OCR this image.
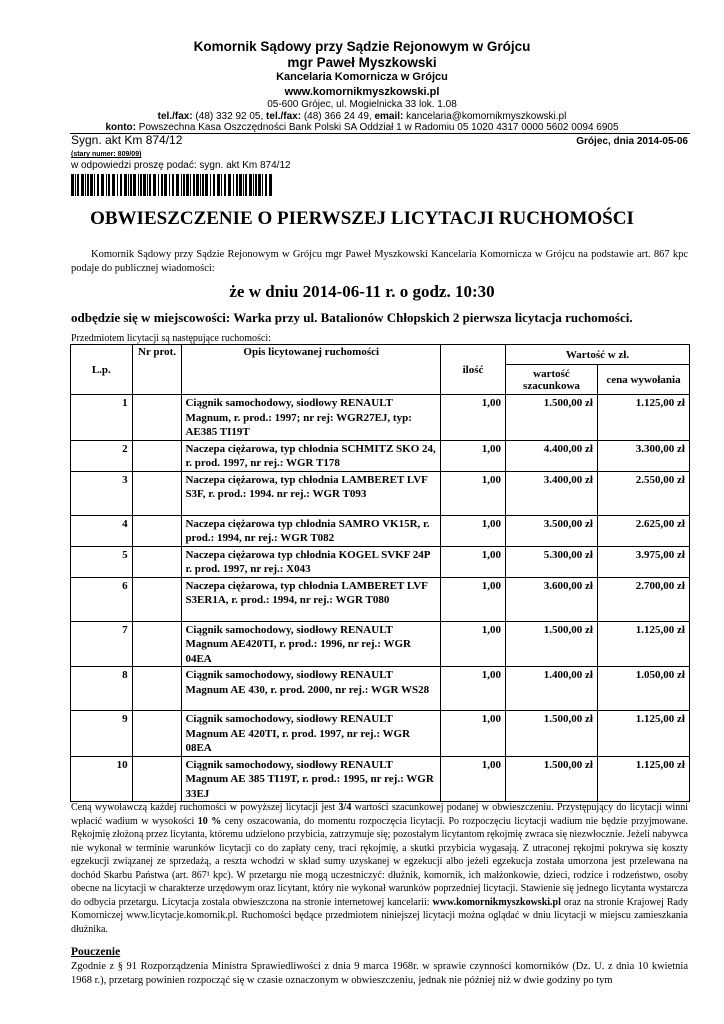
Komornik Sądowy przy Sądzie Rejonowym w Grójcu
mgr Paweł Myszkowski
Kancelaria Komornicza w Grójcu
www.komornikmyszkowski.pl
05-600 Grójec, ul. Mogielnicka 33 lok. 1.08
tel./fax: (48) 332 92 05, tel./fax: (48) 366 24 49, email: kancelaria@komornikmyszkowski.pl
konto: Powszechna Kasa Oszczędności Bank Polski SA Oddział 1 w Radomiu 05 1020 4317 0000 5602 0094 6905
Sygn. akt Km 874/12	Grójec, dnia 2014-05-06
(stary numer: 809/09)
w odpowiedzi proszę podać: sygn. akt Km 874/12
OBWIESZCZENIE O PIERWSZEJ LICYTACJI RUCHOMOŚCI
Komornik Sądowy przy Sądzie Rejonowym w Grójcu mgr Paweł Myszkowski Kancelaria Komornicza w Grójcu na podstawie art. 867 kpc podaje do publicznej wiadomości:
że w dniu 2014-06-11 r. o godz. 10:30
odbędzie się w miejscowości: Warka przy ul. Batalionów Chłopskich 2 pierwsza licytacja ruchomości.
Przedmiotem licytacji są następujące ruchomości:
L.p.	Nr prot.	Opis licytowanej ruchomości	ilość	Wartość w zł.	
				wartość szacunkowa	cena wywołania
1		Ciągnik samochodowy, siodłowy RENAULT Magnum, r. prod.: 1997; nr rej: WGR27EJ, typ: AE385 TI19T	1,00	1.500,00 zł	1.125,00 zł
2		Naczepa ciężarowa, typ chłodnia SCHMITZ SKO 24, r. prod. 1997, nr rej.: WGR T178	1,00	4.400,00 zł	3.300,00 zł
3		Naczepa ciężarowa, typ chłodnia LAMBERET LVF S3F, r. prod.: 1994. nr rej.: WGR T093	1,00	3.400,00 zł	2.550,00 zł
4		Naczepa ciężarowa typ chłodnia SAMRO VK15R, r. prod.: 1994, nr rej.: WGR T082	1,00	3.500,00 zł	2.625,00 zł
5		Naczepa ciężarowa typ chłodnia KOGEL SVKF 24P r. prod. 1997, nr rej.: X043	1,00	5.300,00 zł	3.975,00 zł
6		Naczepa ciężarowa, typ chłodnia LAMBERET LVF S3ER1A, r. prod.: 1994, nr rej.: WGR T080	1,00	3.600,00 zł	2.700,00 zł
7		Ciągnik samochodowy, siodłowy RENAULT Magnum AE420TI, r. prod.: 1996, nr rej.: WGR 04EA	1,00	1.500,00 zł	1.125,00 zł
8		Ciągnik samochodowy, siodłowy RENAULT Magnum AE 430, r. prod. 2000, nr rej.: WGR WS28	1,00	1.400,00 zł	1.050,00 zł
9		Ciągnik samochodowy, siodłowy RENAULT Magnum AE 420TI, r. prod. 1997, nr rej.: WGR 08EA	1,00	1.500,00 zł	1.125,00 zł
10		Ciągnik samochodowy, siodłowy RENAULT Magnum AE 385 TI19T, r. prod.: 1995, nr rej.: WGR 33EJ	1,00	1.500,00 zł	1.125,00 zł
Ceną wywoławczą każdej ruchomości w powyższej licytacji jest 3/4 wartości szacunkowej podanej w obwieszczeniu. Przystępujący do licytacji winni wpłacić wadium w wysokości 10 % ceny oszacowania, do momentu rozpoczęcia licytacji. Po rozpoczęciu licytacji wadium nie będzie przyjmowane. Rękojmię złożoną przez licytanta, któremu udzielono przybicia, zatrzymuje się; pozostałym licytantom rękojmię zwraca się niezwłocznie. Jeżeli nabywca nie wykonał w terminie warunków licytacji co do zapłaty ceny, traci rękojmię, a skutki przybicia wygasają. Z utraconej rękojmi pokrywa się koszty egzekucji związanej ze sprzedażą, a reszta wchodzi w skład sumy uzyskanej w egzekucji albo jeżeli egzekucja została umorzona jest przelewana na dochód Skarbu Państwa (art. 867¹ kpc). W przetargu nie mogą uczestniczyć: dłużnik, komornik, ich małżonkowie, dzieci, rodzice i rodzeństwo, osoby obecne na licytacji w charakterze urzędowym oraz licytant, który nie wykonał warunków poprzedniej licytacji. Stawienie się jednego licytanta wystarcza do odbycia przetargu. Licytacja zostala obwieszczona na stronie internetowej kancelarii: www.komornikmyszkowski.pl oraz na stronie Krajowej Rady Komorniczej www.licytacje.komornik.pl. Ruchomości będące przedmiotem niniejszej licytacji można oglądać w dniu licytacji w miejscu zamieszkania dłużnika.
Pouczenie
Zgodnie z § 91 Rozporządzenia Ministra Sprawiedliwości z dnia 9 marca 1968r. w sprawie czynności komorników (Dz. U. z dnia 10 kwietnia 1968 r.), przetarg powinien rozpocząć się w czasie oznaczonym w obwieszczeniu, jednak nie później niż w dwie godziny po tym
